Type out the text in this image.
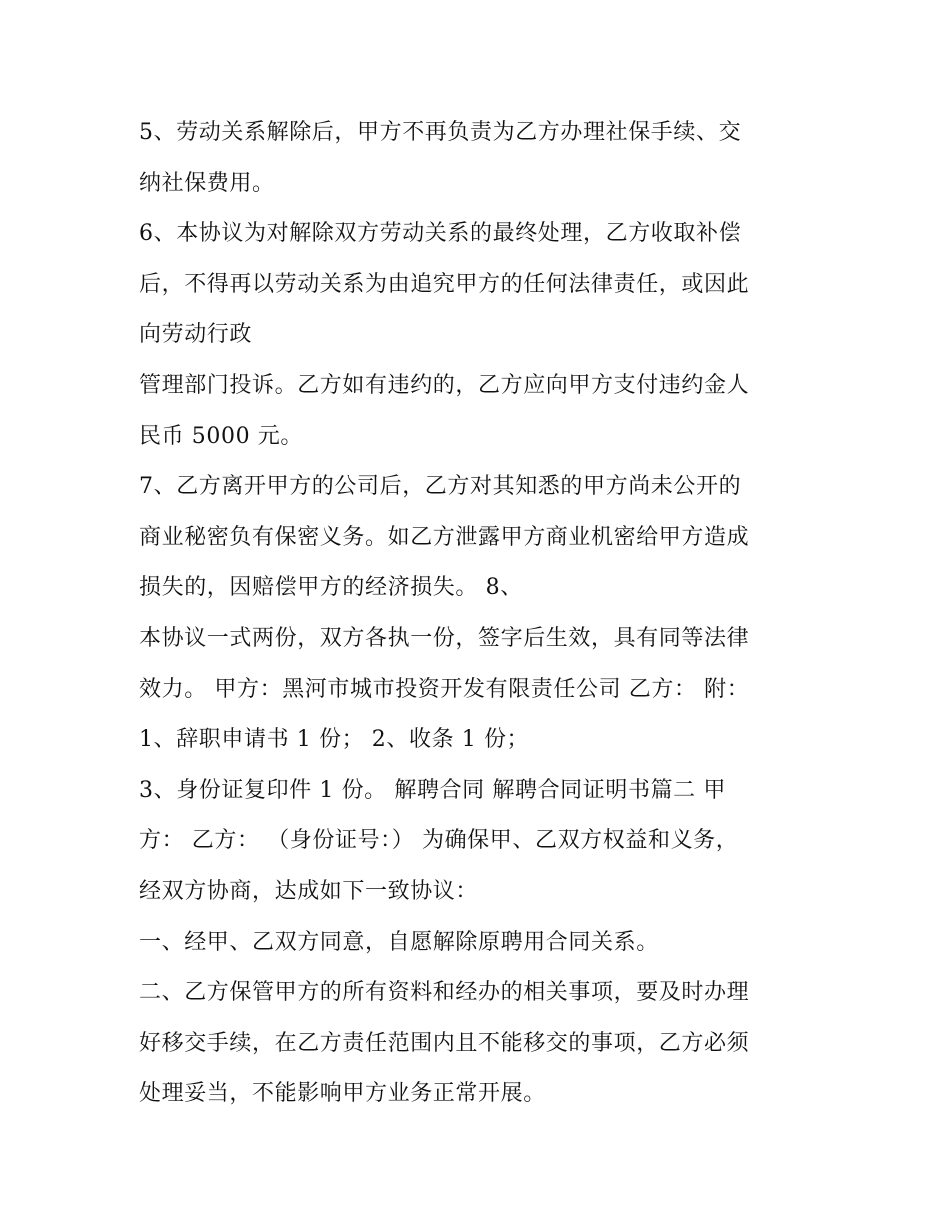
5、劳动关系解除后，甲方不再负责为乙方办理社保手续、交
纳社保费用。
6、本协议为对解除双方劳动关系的最终处理，乙方收取补偿
后，不得再以劳动关系为由追究甲方的任何法律责任，或因此
向劳动行政
管理部门投诉。乙方如有违约的，乙方应向甲方支付违约金人
民币 5000 元。
7、乙方离开甲方的公司后，乙方对其知悉的甲方尚未公开的
商业秘密负有保密义务。如乙方泄露甲方商业机密给甲方造成
损失的，因赔偿甲方的经济损失。 8、
本协议一式两份，双方各执一份，签字后生效，具有同等法律
效力。 甲方：黑河市城市投资开发有限责任公司 乙方： 附：
1、辞职申请书 1 份； 2、收条 1 份；
3、身份证复印件 1 份。 解聘合同 解聘合同证明书篇二 甲
方： 乙方： （身份证号：） 为确保甲、乙双方权益和义务，
经双方协商，达成如下一致协议：
一、经甲、乙双方同意，自愿解除原聘用合同关系。
二、乙方保管甲方的所有资料和经办的相关事项，要及时办理
好移交手续，在乙方责任范围内且不能移交的事项，乙方必须
处理妥当，不能影响甲方业务正常开展。
